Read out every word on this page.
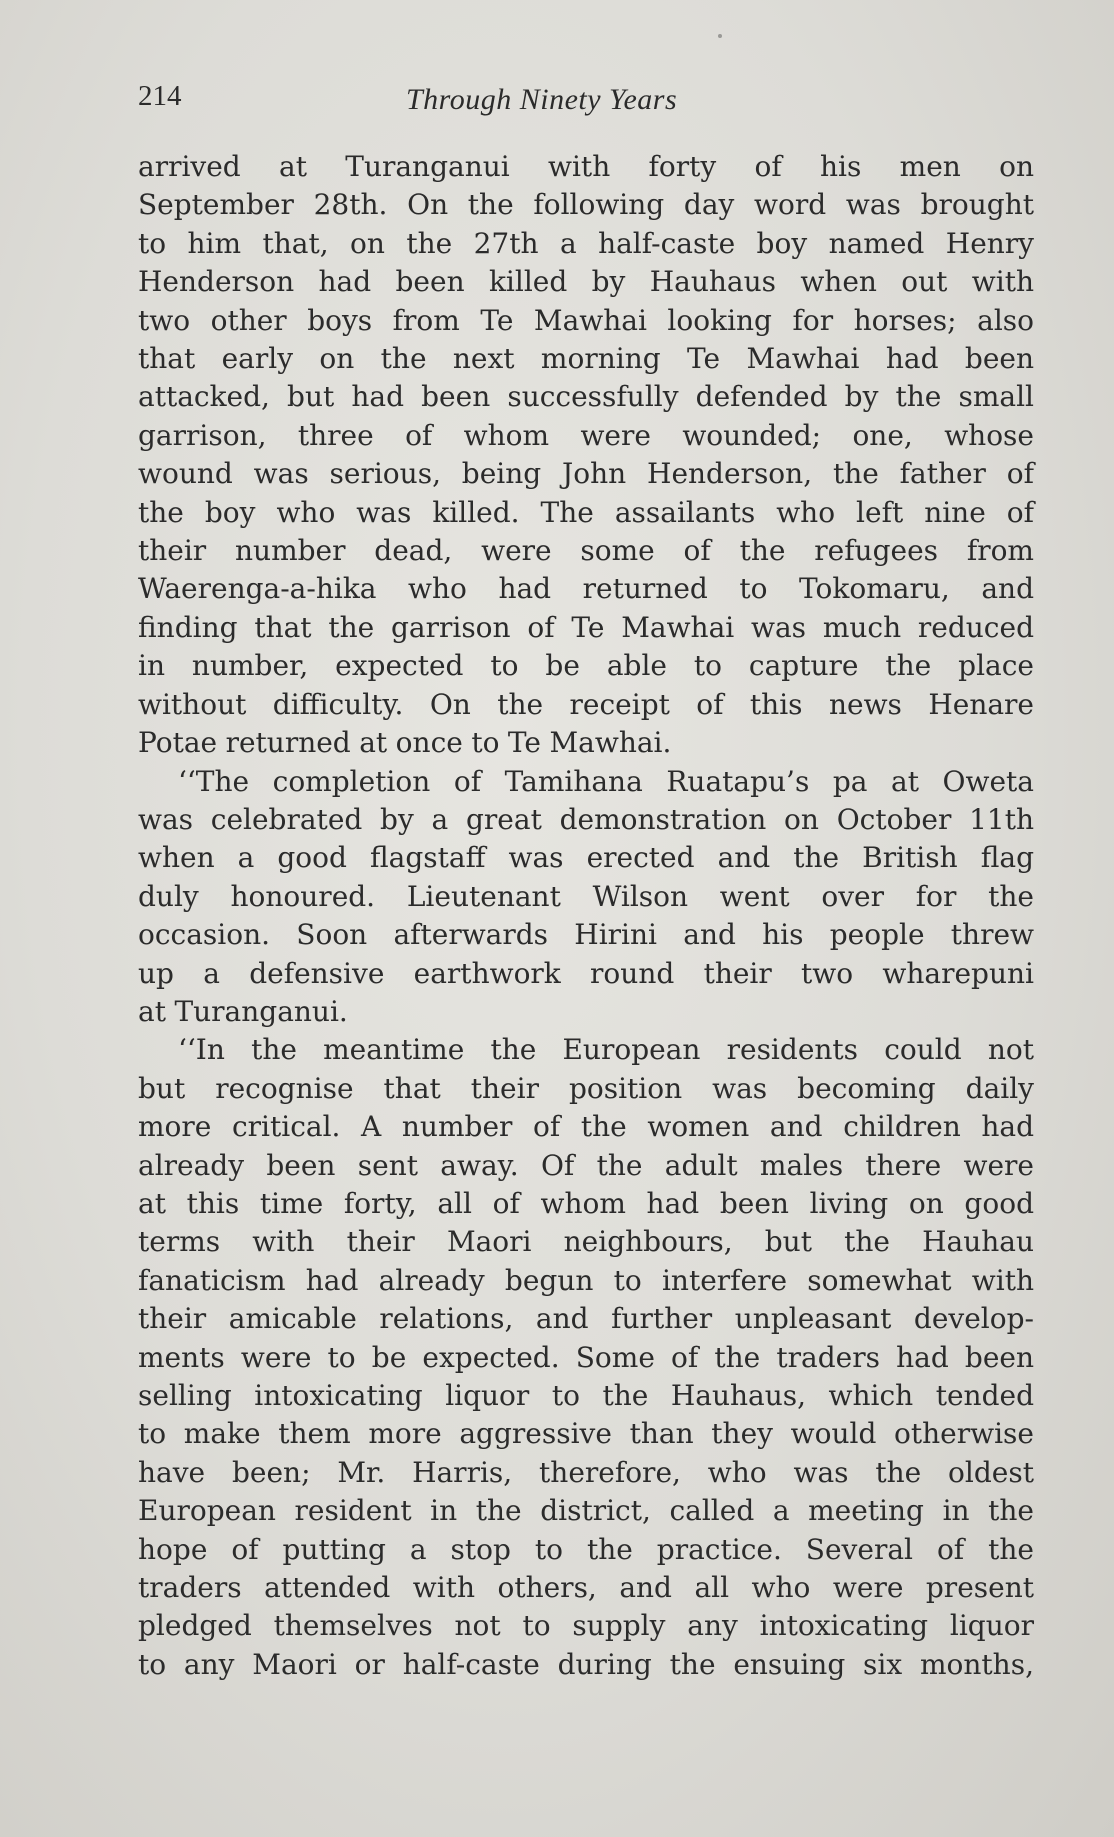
214	Through Ninety Years

arrived at Turanganui with forty of his men on

September 28th. On the following day word was brought

to him that, on the 27th a half-caste boy named Henry

Henderson had been killed by Hauhaus when out with

two other boys from Te Mawhai looking for horses; also

that early on the next morning Te Mawhai had been

attacked, but had been successfully defended by the small

garrison, three of whom were wounded; one, whose

wound was serious, being John Henderson, the father of

the boy who was killed. The assailants who left nine of

their number dead, were some of the refugees from

Waerenga-a-hika who had returned to Tokomaru, and

finding that the garrison of Te Mawhai was much reduced

in number, expected to be able to capture the place

without difficulty. On the receipt of this news Henare

Potae returned at once to Te Mawhai.

‘‘The completion of Tamihana Ruatapu’s pa at Oweta

was celebrated by a great demonstration on October 11th

when a good flagstaff was erected and the British flag

duly honoured. Lieutenant Wilson went over for the

occasion. Soon afterwards Hirini and his people threw

up a defensive earthwork round their two wharepuni

at Turanganui.

‘‘In the meantime the European residents could not

but recognise that their position was becoming daily

more critical. A number of the women and children had

already been sent away. Of the adult males there were

at this time forty, all of whom had been living on good

terms with their Maori neighbours, but the Hauhau

fanaticism had already begun to interfere somewhat with

their amicable relations, and further unpleasant develop-

ments were to be expected. Some of the traders had been

selling intoxicating liquor to the Hauhaus, which tended

to make them more aggressive than they would otherwise

have been; Mr. Harris, therefore, who was the oldest

European resident in the district, called a meeting in the

hope of putting a stop to the practice. Several of the

traders attended with others, and all who were present

pledged themselves not to supply any intoxicating liquor

to any Maori or half-caste during the ensuing six months,
